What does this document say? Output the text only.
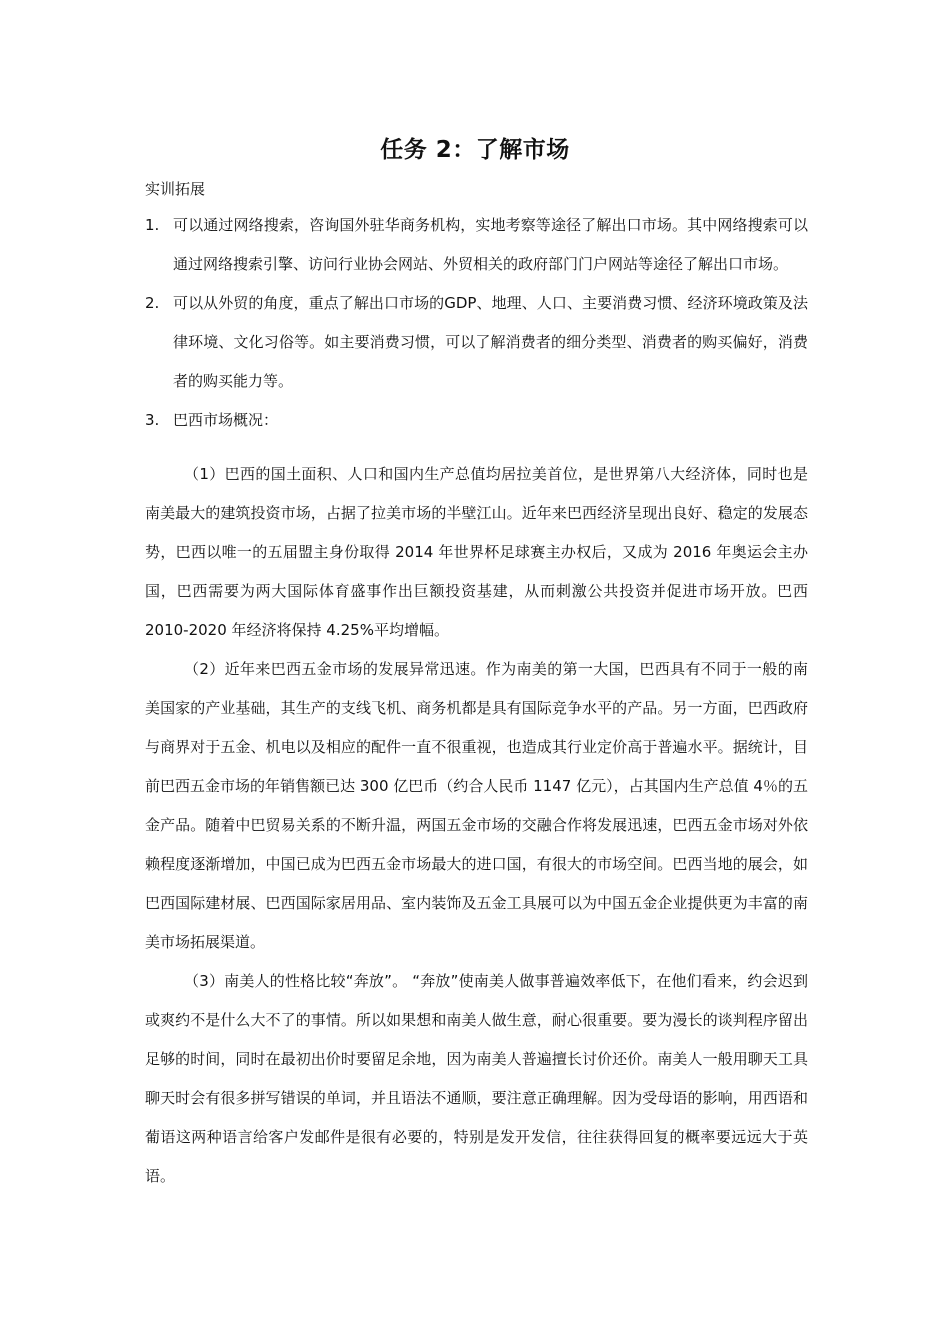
任务 2：了解市场
实训拓展
1. 可以通过网络搜索，咨询国外驻华商务机构，实地考察等途径了解出口市场。其中网络搜索可以通过网络搜索引擎、访问行业协会网站、外贸相关的政府部门门户网站等途径了解出口市场。
2. 可以从外贸的角度，重点了解出口市场的GDP、地理、人口、主要消费习惯、经济环境政策及法律环境、文化习俗等。如主要消费习惯，可以了解消费者的细分类型、消费者的购买偏好，消费者的购买能力等。
3. 巴西市场概况：

（1）巴西的国土面积、人口和国内生产总值均居拉美首位，是世界第八大经济体，同时也是南美最大的建筑投资市场，占据了拉美市场的半壁江山。近年来巴西经济呈现出良好、稳定的发展态势，巴西以唯一的五届盟主身份取得 2014 年世界杯足球赛主办权后，又成为 2016 年奥运会主办国，巴西需要为两大国际体育盛事作出巨额投资基建，从而刺激公共投资并促进市场开放。巴西 2010-2020 年经济将保持 4.25%平均增幅。

（2）近年来巴西五金市场的发展异常迅速。作为南美的第一大国，巴西具有不同于一般的南美国家的产业基础，其生产的支线飞机、商务机都是具有国际竞争水平的产品。另一方面，巴西政府与商界对于五金、机电以及相应的配件一直不很重视，也造成其行业定价高于普遍水平。据统计，目前巴西五金市场的年销售额已达 300 亿巴币（约合人民币 1147 亿元），占其国内生产总值 4％的五金产品。随着中巴贸易关系的不断升温，两国五金市场的交融合作将发展迅速，巴西五金市场对外依赖程度逐渐增加，中国已成为巴西五金市场最大的进口国，有很大的市场空间。巴西当地的展会，如巴西国际建材展、巴西国际家居用品、室内装饰及五金工具展可以为中国五金企业提供更为丰富的南美市场拓展渠道。

（3）南美人的性格比较“奔放”。 “奔放”使南美人做事普遍效率低下，在他们看来，约会迟到或爽约不是什么大不了的事情。所以如果想和南美人做生意，耐心很重要。要为漫长的谈判程序留出足够的时间，同时在最初出价时要留足余地，因为南美人普遍擅长讨价还价。南美人一般用聊天工具聊天时会有很多拼写错误的单词，并且语法不通顺，要注意正确理解。因为受母语的影响，用西语和葡语这两种语言给客户发邮件是很有必要的，特别是发开发信，往往获得回复的概率要远远大于英语。
